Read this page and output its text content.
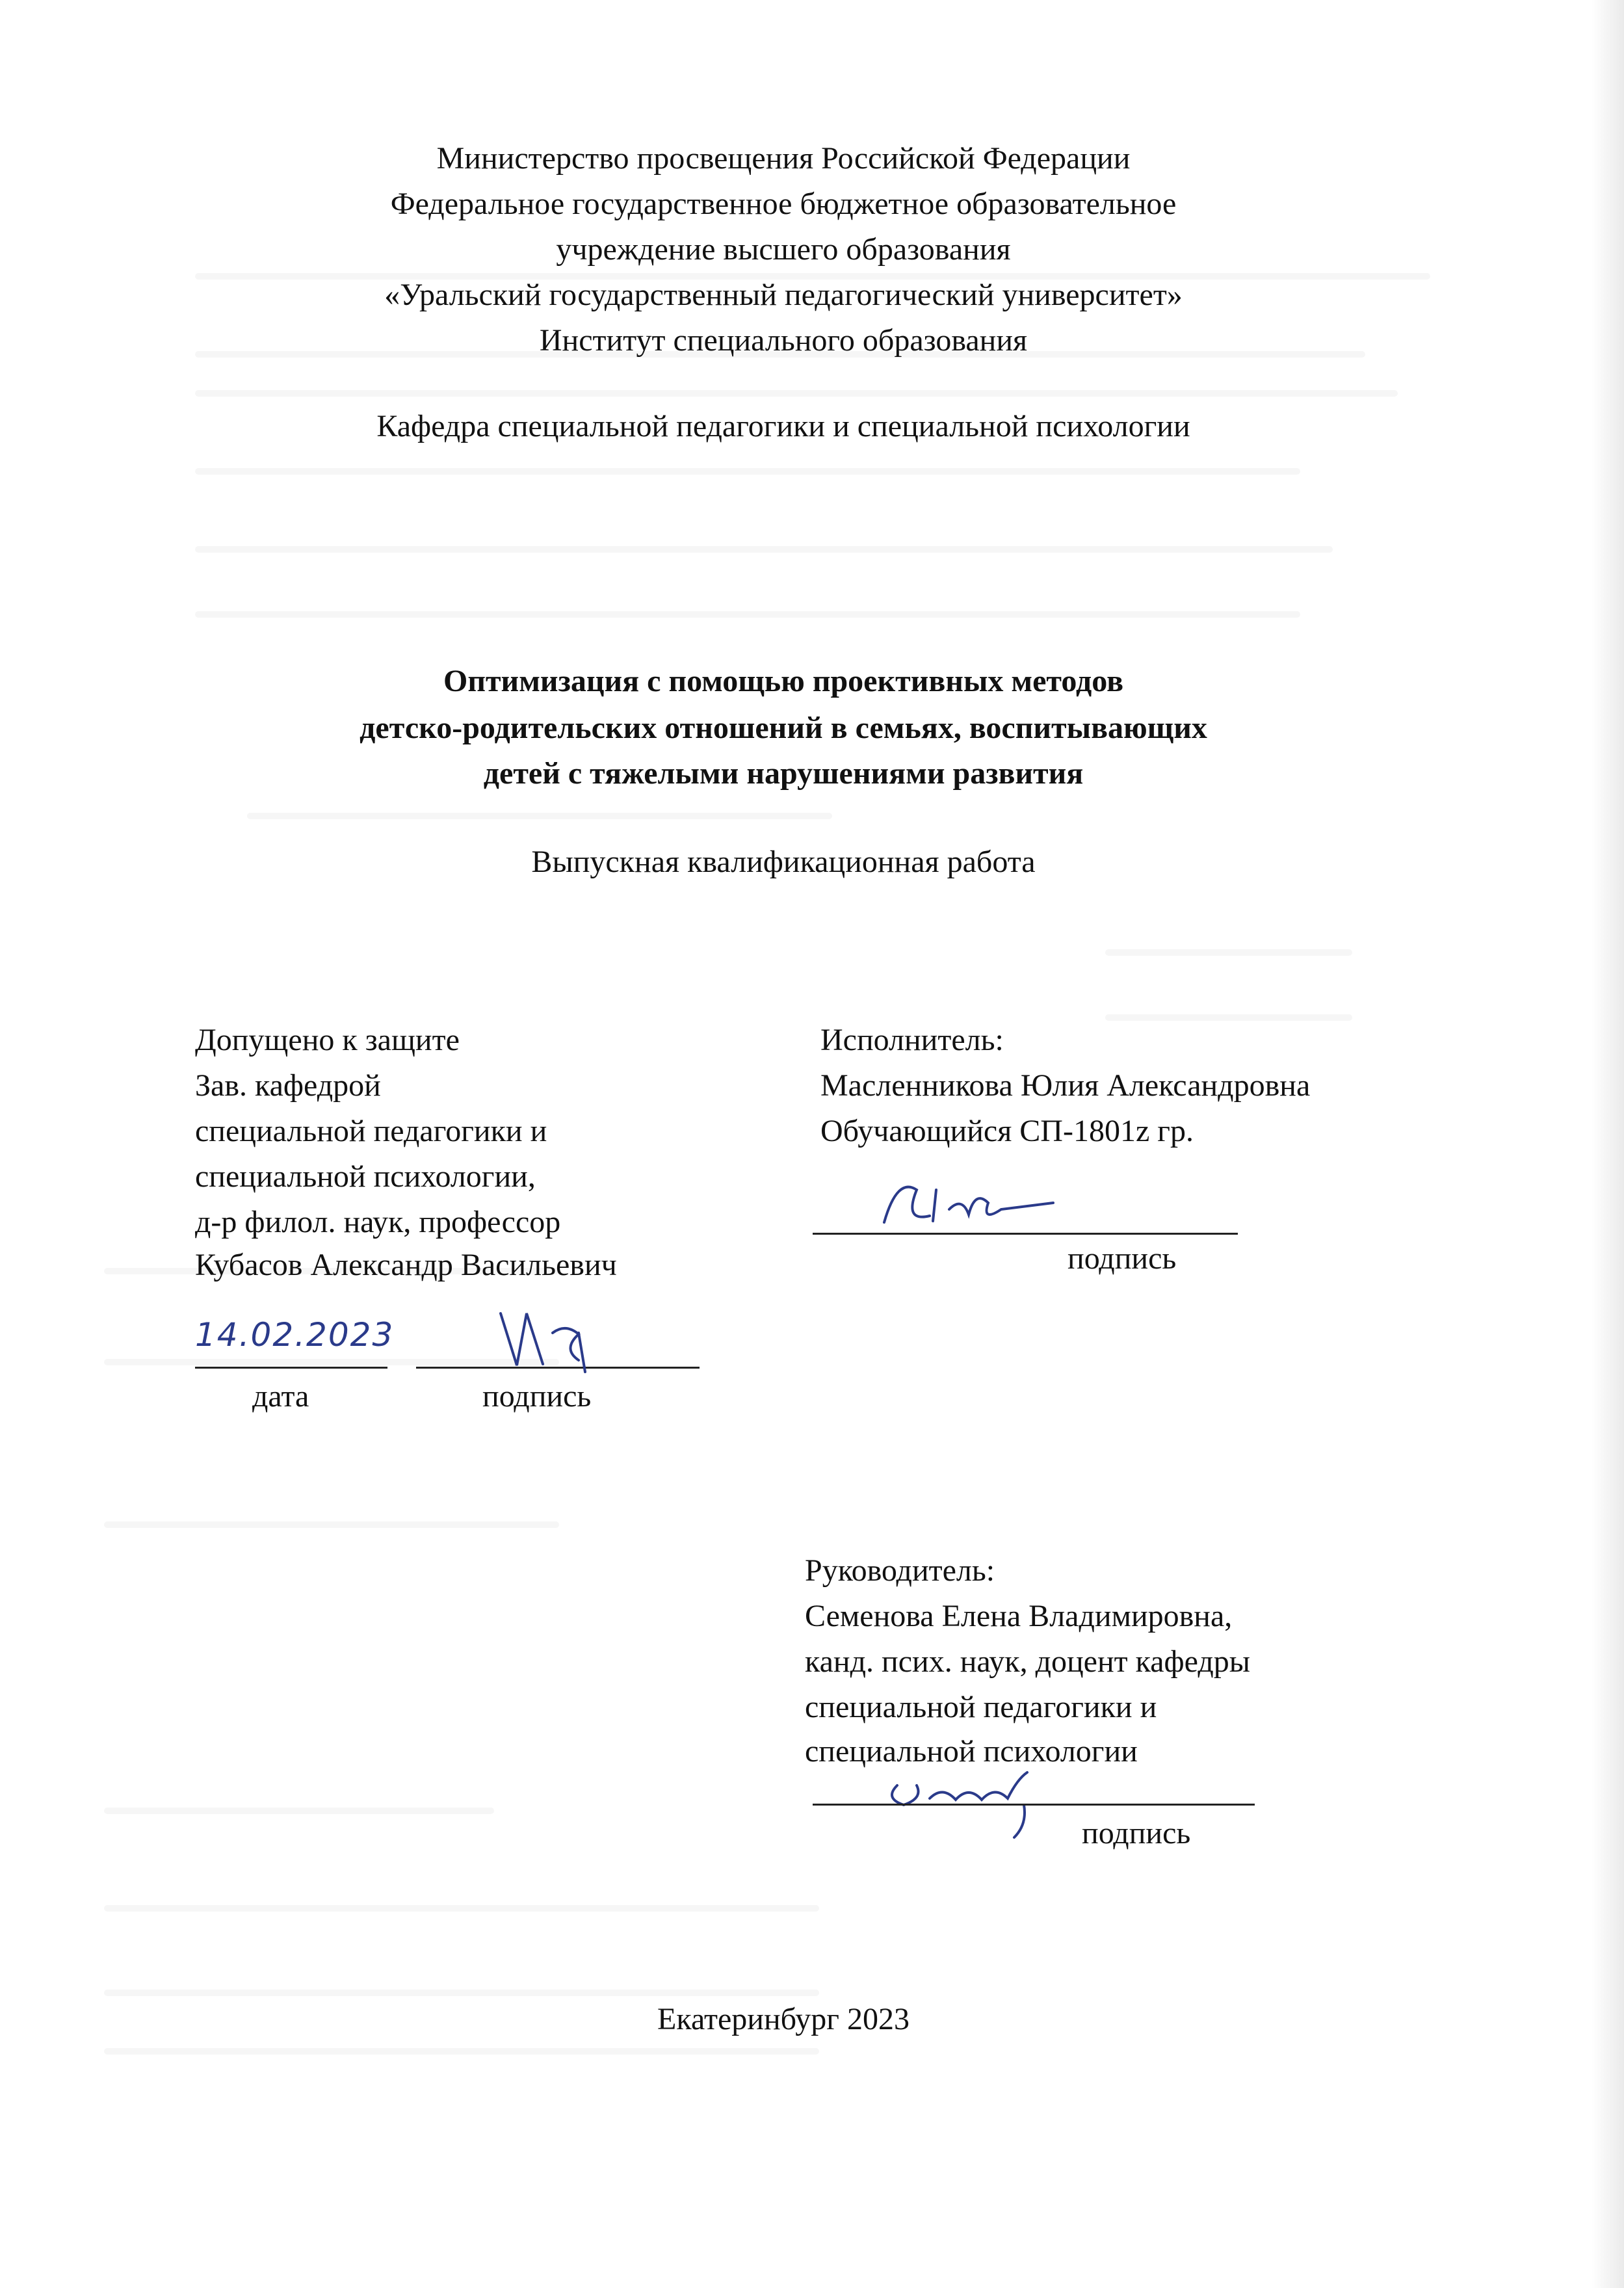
Министерство просвещения Российской Федерации
Федеральное государственное бюджетное образовательное
учреждение высшего образования
«Уральский государственный педагогический университет»
Институт специального образования
Кафедра специальной педагогики и специальной психологии
Оптимизация с помощью проективных методов
детско-родительских отношений в семьях, воспитывающих
детей с тяжелыми нарушениями развития
Выпускная квалификационная работа
Допущено к защите
Зав. кафедрой
специальной педагогики и
специальной психологии,
д-р филол. наук, профессор
Кубасов Александр Васильевич
14.02.2023
дата	подпись
Исполнитель:
Масленникова Юлия Александровна
Обучающийся СП-1801z гр.
подпись
Руководитель:
Семенова Елена Владимировна,
канд. псих. наук, доцент кафедры
специальной педагогики и
специальной психологии
подпись
Екатеринбург 2023
